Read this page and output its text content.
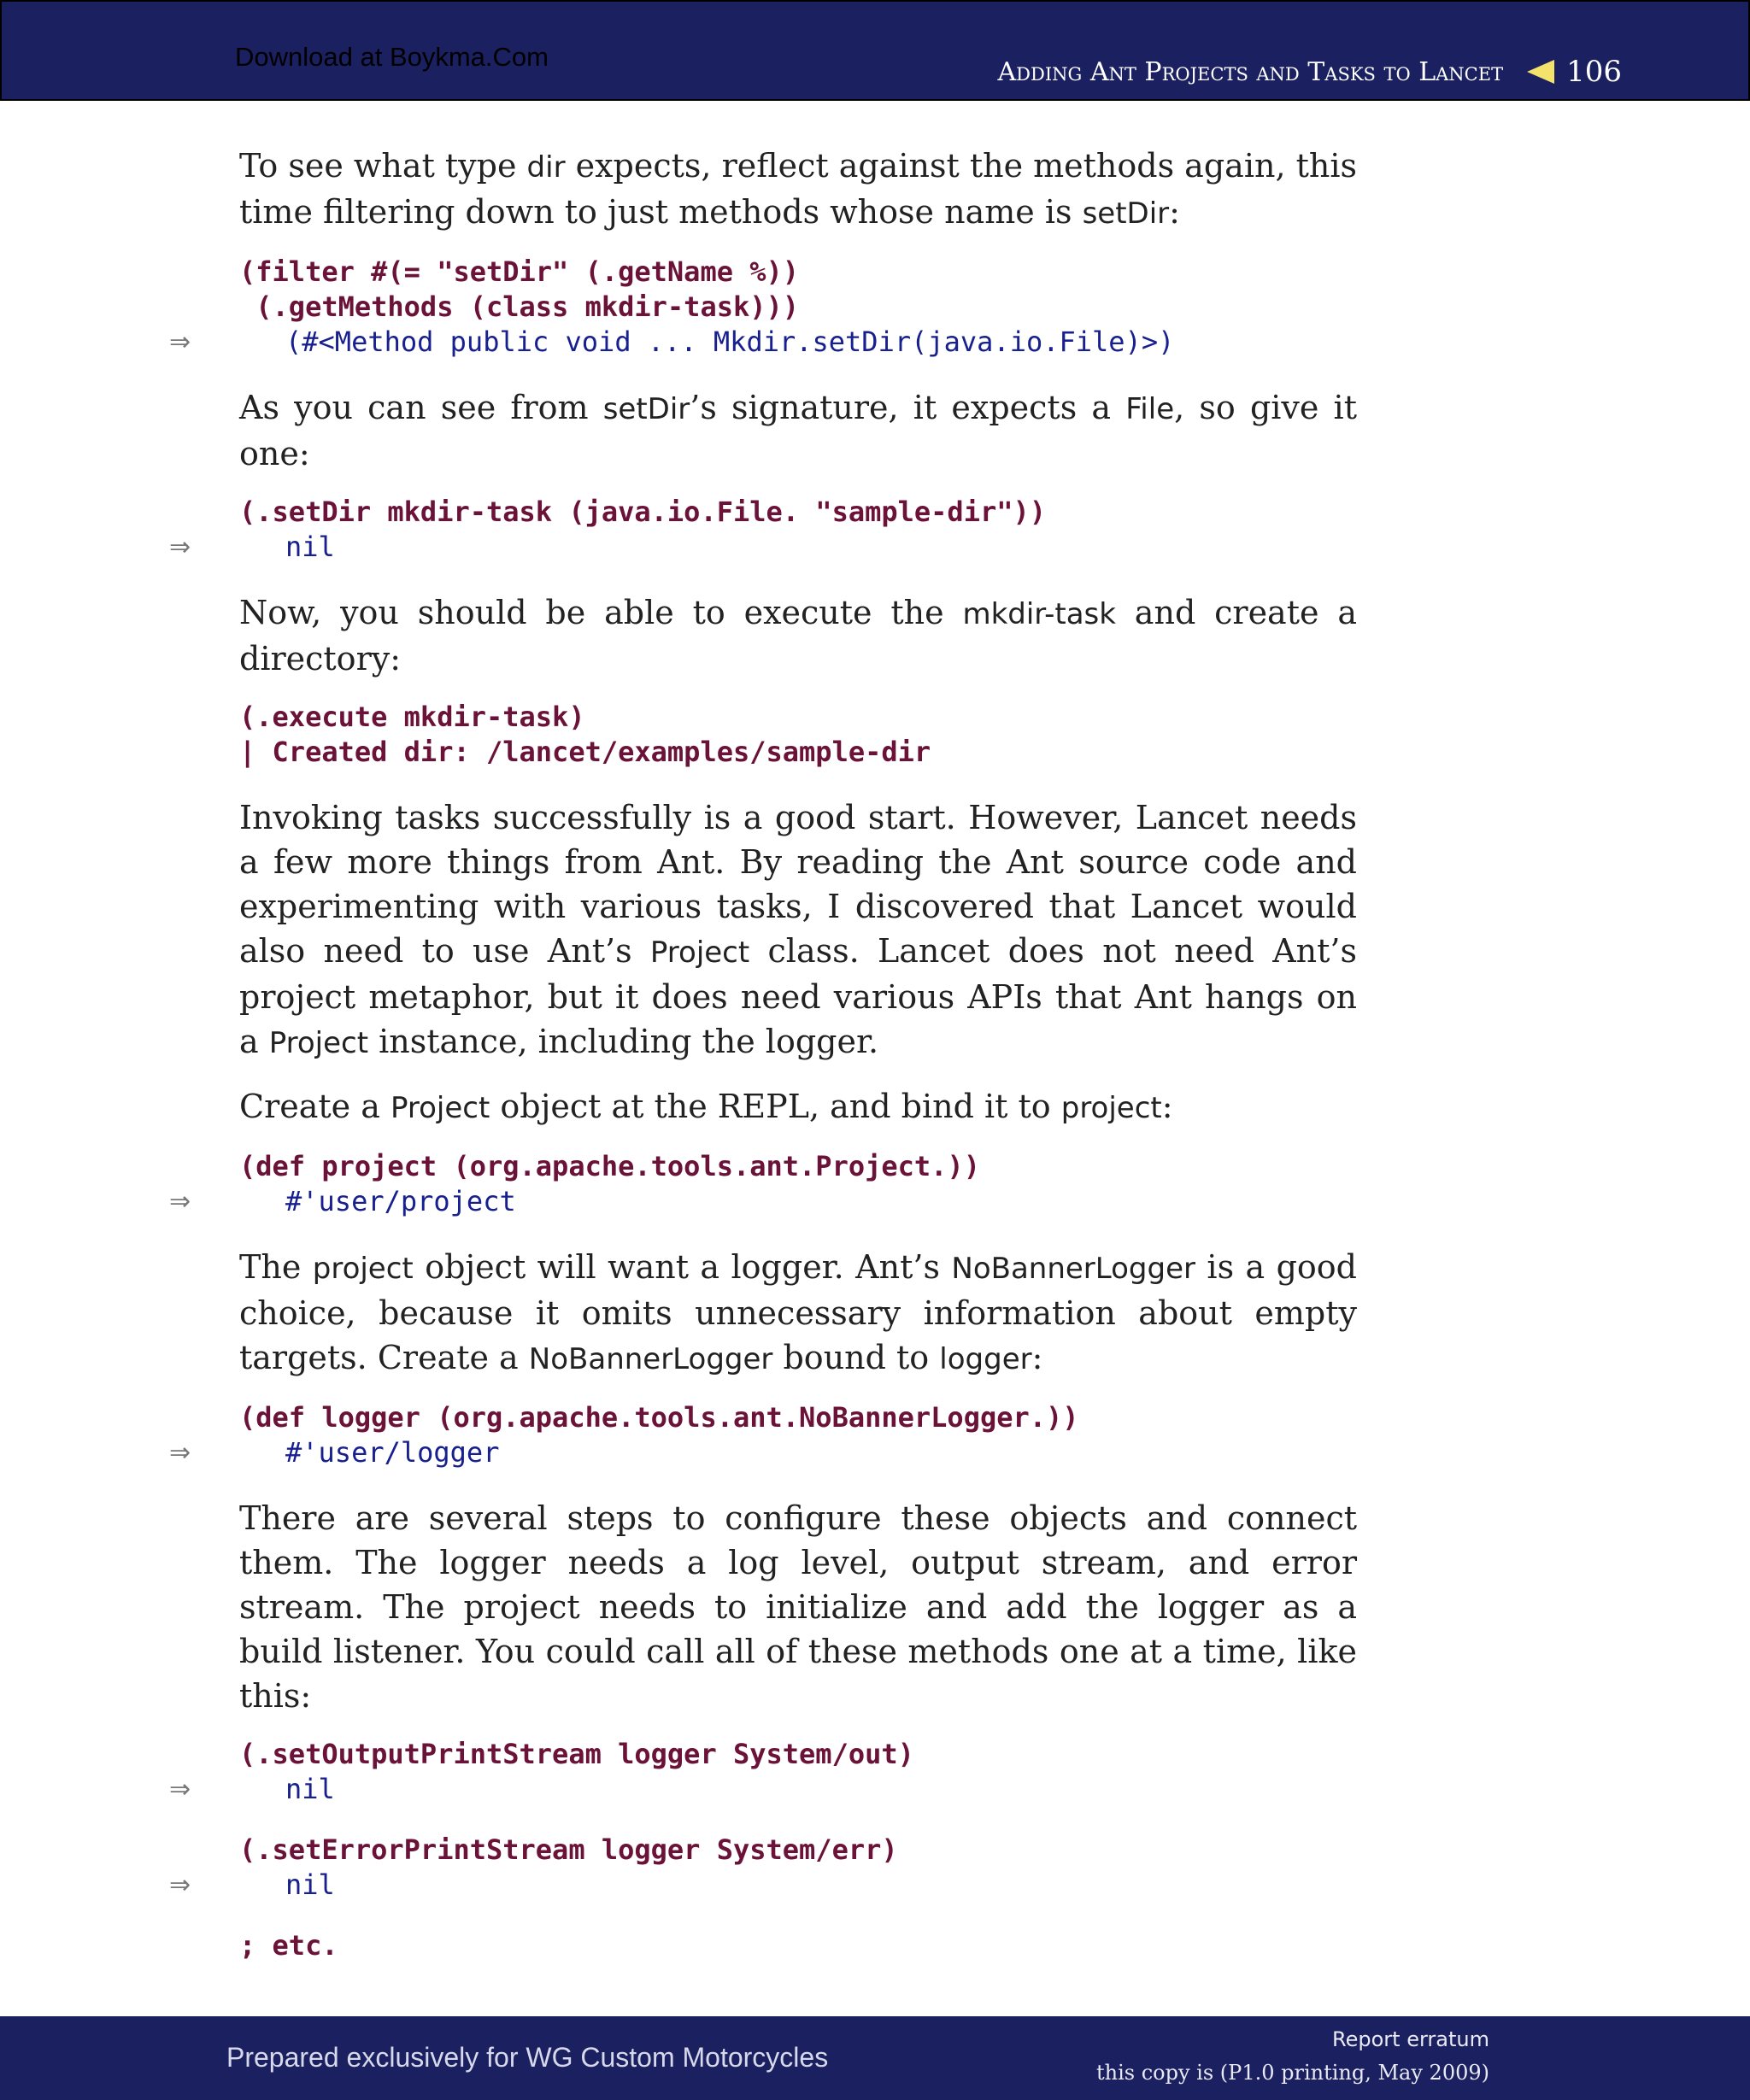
Download at Boykma.Com	Adding Ant Projects and Tasks to Lancet 106

To see what type dir expects, reflect against the methods again, this time filtering down to just methods whose name is setDir:

(filter #(= "setDir" (.getName %))
(.getMethods (class mkdir-task)))
⇒	(#<Method public void ... Mkdir.setDir(java.io.File)>)

As you can see from setDir’s signature, it expects a File, so give it one:

(.setDir mkdir-task (java.io.File. "sample-dir"))
⇒	nil

Now, you should be able to execute the mkdir-task and create a directory:

(.execute mkdir-task)
| Created dir: /lancet/examples/sample-dir

Invoking tasks successfully is a good start. However, Lancet needs a few more things from Ant. By reading the Ant source code and experimenting with various tasks, I discovered that Lancet would also need to use Ant’s Project class. Lancet does not need Ant’s project metaphor, but it does need various APIs that Ant hangs on a Project instance, including the logger.

Create a Project object at the REPL, and bind it to project:

(def project (org.apache.tools.ant.Project.))
⇒	#'user/project

The project object will want a logger. Ant’s NoBannerLogger is a good choice, because it omits unnecessary information about empty targets. Create a NoBannerLogger bound to logger:

(def logger (org.apache.tools.ant.NoBannerLogger.))
⇒	#'user/logger

There are several steps to configure these objects and connect them. The logger needs a log level, output stream, and error stream. The project needs to initialize and add the logger as a build listener. You could call all of these methods one at a time, like this:

(.setOutputPrintStream logger System/out)
⇒	nil
(.setErrorPrintStream logger System/err)
⇒	nil
; etc.
Prepared exclusively for WG Custom Motorcycles
Report erratum
this copy is (P1.0 printing, May 2009)
